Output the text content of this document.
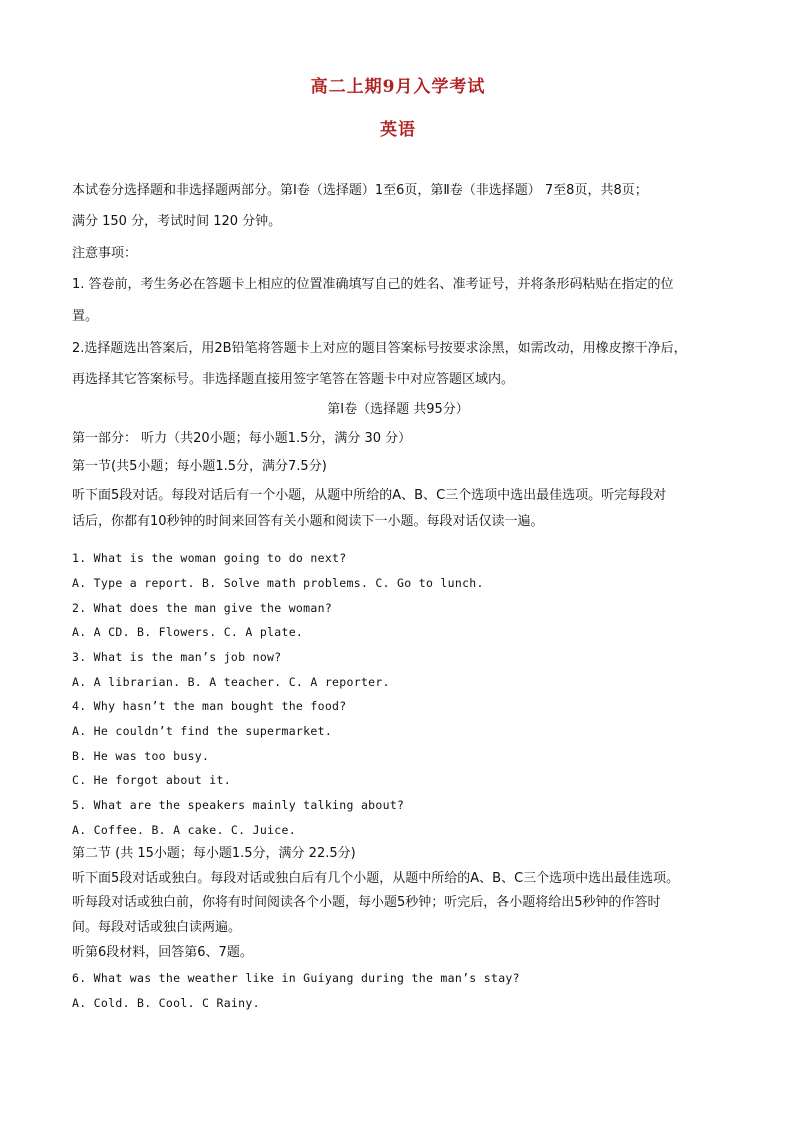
高二上期9月入学考试
英语
本试卷分选择题和非选择题两部分。第Ⅰ卷（选择题）1至6页，第Ⅱ卷（非选择题） 7至8页，共8页；
满分 150 分，考试时间 120 分钟。
注意事项：
1. 答卷前，考生务必在答题卡上相应的位置准确填写自己的姓名、准考证号，并将条形码粘贴在指定的位
置。
2.选择题选出答案后，用2B铅笔将答题卡上对应的题目答案标号按要求涂黑，如需改动，用橡皮擦干净后，
再选择其它答案标号。非选择题直接用签字笔答在答题卡中对应答题区域内。
第Ⅰ卷（选择题 共95分）
第一部分： 听力（共20小题；每小题1.5分，满分 30 分）
第一节(共5小题；每小题1.5分，满分7.5分)
听下面5段对话。每段对话后有一个小题，从题中所给的A、B、C三个选项中选出最佳选项。听完每段对
话后，你都有10秒钟的时间来回答有关小题和阅读下一小题。每段对话仅读一遍。
1. What is the woman going to do next?
A. Type a report. B. Solve math problems. C. Go to lunch.
2. What does the man give the woman?
A. A CD. B. Flowers. C. A plate.
3. What is the man’s job now?
A. A librarian. B. A teacher. C. A reporter.
4. Why hasn’t the man bought the food?
A. He couldn’t find the supermarket.
B. He was too busy.
C. He forgot about it.
5. What are the speakers mainly talking about?
A. Coffee. B. A cake. C. Juice.
第二节 (共 15小题；每小题1.5分，满分 22.5分)
听下面5段对话或独白。每段对话或独白后有几个小题，从题中所给的A、B、C三个选项中选出最佳选项。
听每段对话或独白前，你将有时间阅读各个小题，每小题5秒钟；听完后，各小题将给出5秒钟的作答时
间。每段对话或独白读两遍。
听第6段材料，回答第6、7题。
6. What was the weather like in Guiyang during the man’s stay?
A. Cold. B. Cool. C Rainy.
